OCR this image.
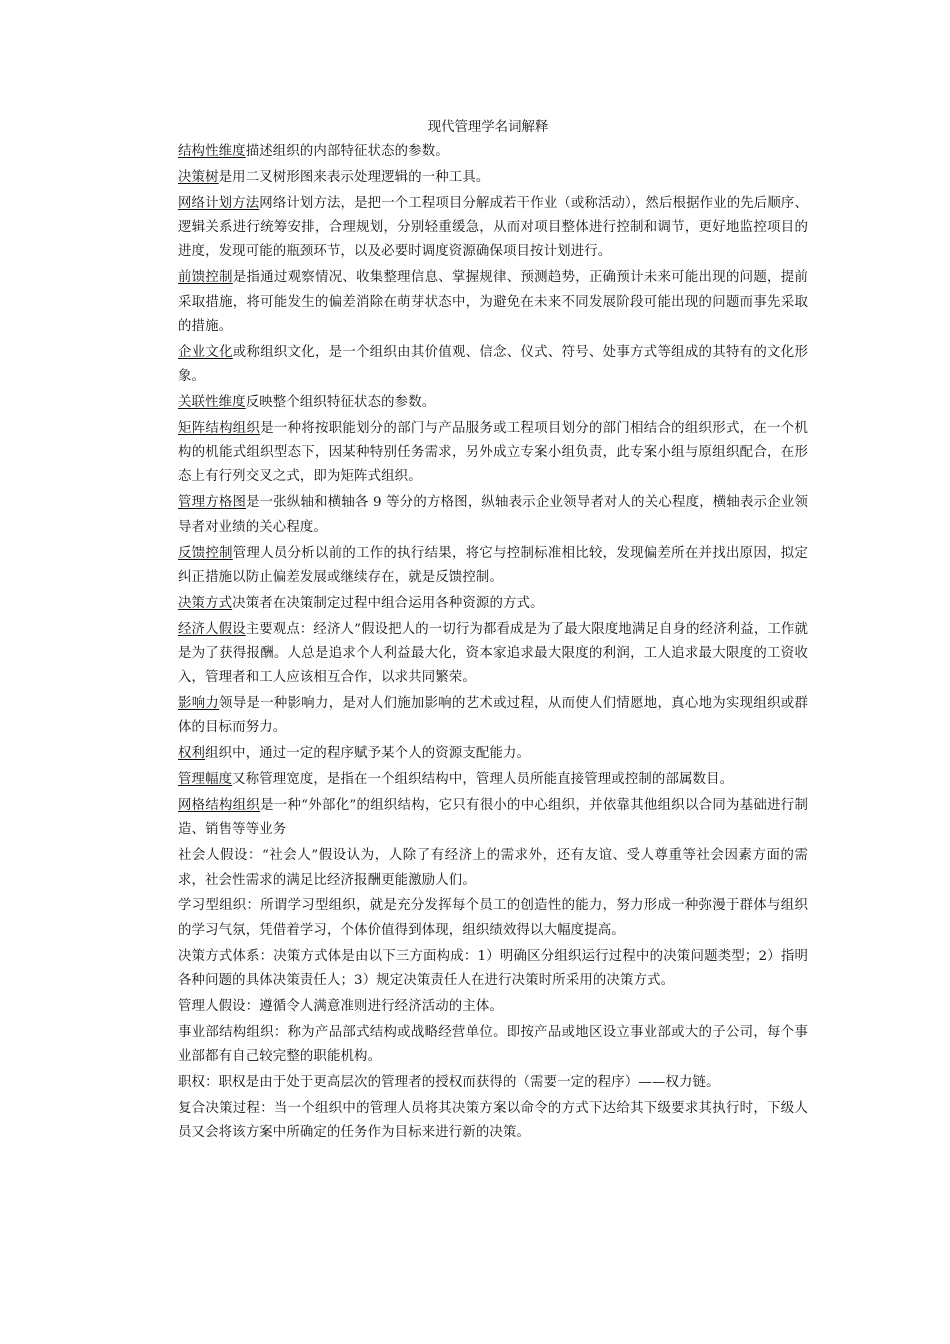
现代管理学名词解释

结构性维度描述组织的内部特征状态的参数。

决策树是用二叉树形图来表示处理逻辑的一种工具。

网络计划方法网络计划方法，是把一个工程项目分解成若干作业（或称活动），然后根据作业的先后顺序、逻辑关系进行统筹安排，合理规划，分别轻重缓急，从而对项目整体进行控制和调节，更好地监控项目的进度，发现可能的瓶颈环节，以及必要时调度资源确保项目按计划进行。

前馈控制是指通过观察情况、收集整理信息、掌握规律、预测趋势，正确预计未来可能出现的问题，提前采取措施，将可能发生的偏差消除在萌芽状态中，为避免在未来不同发展阶段可能出现的问题而事先采取的措施。

企业文化或称组织文化，是一个组织由其价值观、信念、仪式、符号、处事方式等组成的其特有的文化形象。

关联性维度反映整个组织特征状态的参数。

矩阵结构组织是一种将按职能划分的部门与产品服务或工程项目划分的部门相结合的组织形式，在一个机构的机能式组织型态下，因某种特别任务需求，另外成立专案小组负责，此专案小组与原组织配合，在形态上有行列交叉之式，即为矩阵式组织。

管理方格图是一张纵轴和横轴各 9 等分的方格图，纵轴表示企业领导者对人的关心程度，横轴表示企业领导者对业绩的关心程度。

反馈控制管理人员分析以前的工作的执行结果，将它与控制标准相比较，发现偏差所在并找出原因，拟定纠正措施以防止偏差发展或继续存在，就是反馈控制。

决策方式决策者在决策制定过程中组合运用各种资源的方式。

经济人假设主要观点：经济人”假设把人的一切行为都看成是为了最大限度地满足自身的经济利益，工作就是为了获得报酬。人总是追求个人利益最大化，资本家追求最大限度的利润，工人追求最大限度的工资收入，管理者和工人应该相互合作，以求共同繁荣。

影响力领导是一种影响力，是对人们施加影响的艺术或过程，从而使人们情愿地，真心地为实现组织或群体的目标而努力。

权利组织中，通过一定的程序赋予某个人的资源支配能力。

管理幅度又称管理宽度，是指在一个组织结构中，管理人员所能直接管理或控制的部属数目。

网格结构组织是一种“外部化”的组织结构，它只有很小的中心组织，并依靠其他组织以合同为基础进行制造、销售等等业务

社会人假设：“社会人”假设认为，人除了有经济上的需求外，还有友谊、受人尊重等社会因素方面的需求，社会性需求的满足比经济报酬更能激励人们。

学习型组织：所谓学习型组织，就是充分发挥每个员工的创造性的能力，努力形成一种弥漫于群体与组织的学习气氛，凭借着学习，个体价值得到体现，组织绩效得以大幅度提高。

决策方式体系：决策方式体是由以下三方面构成：1）明确区分组织运行过程中的决策问题类型；2）指明各种问题的具体决策责任人；3）规定决策责任人在进行决策时所采用的决策方式。

管理人假设：遵循令人满意准则进行经济活动的主体。

事业部结构组织：称为产品部式结构或战略经营单位。即按产品或地区设立事业部或大的子公司，每个事业部都有自己较完整的职能机构。

职权：职权是由于处于更高层次的管理者的授权而获得的（需要一定的程序）——权力链。

复合决策过程：当一个组织中的管理人员将其决策方案以命令的方式下达给其下级要求其执行时，下级人员又会将该方案中所确定的任务作为目标来进行新的决策。
